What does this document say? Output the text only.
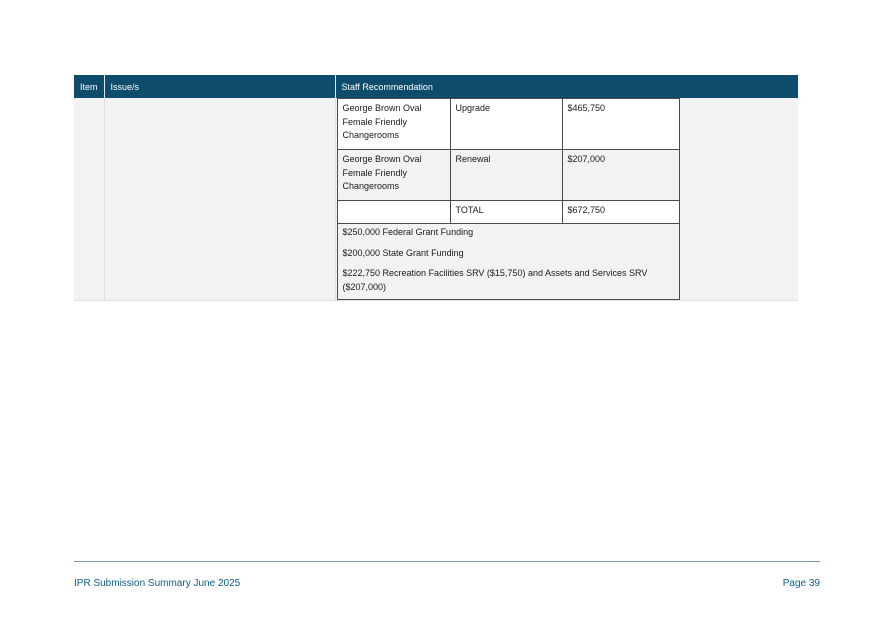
Item	Issue/s	Staff Recommendation

George Brown Oval Female Friendly Changerooms	Upgrade	$465,750
George Brown Oval Female Friendly Changerooms	Renewal	$207,000
	TOTAL	$672,750

$250,000 Federal Grant Funding

$200,000 State Grant Funding

$222,750 Recreation Facilities SRV ($15,750) and Assets and Services SRV ($207,000)

IPR Submission Summary June 2025	Page 39
